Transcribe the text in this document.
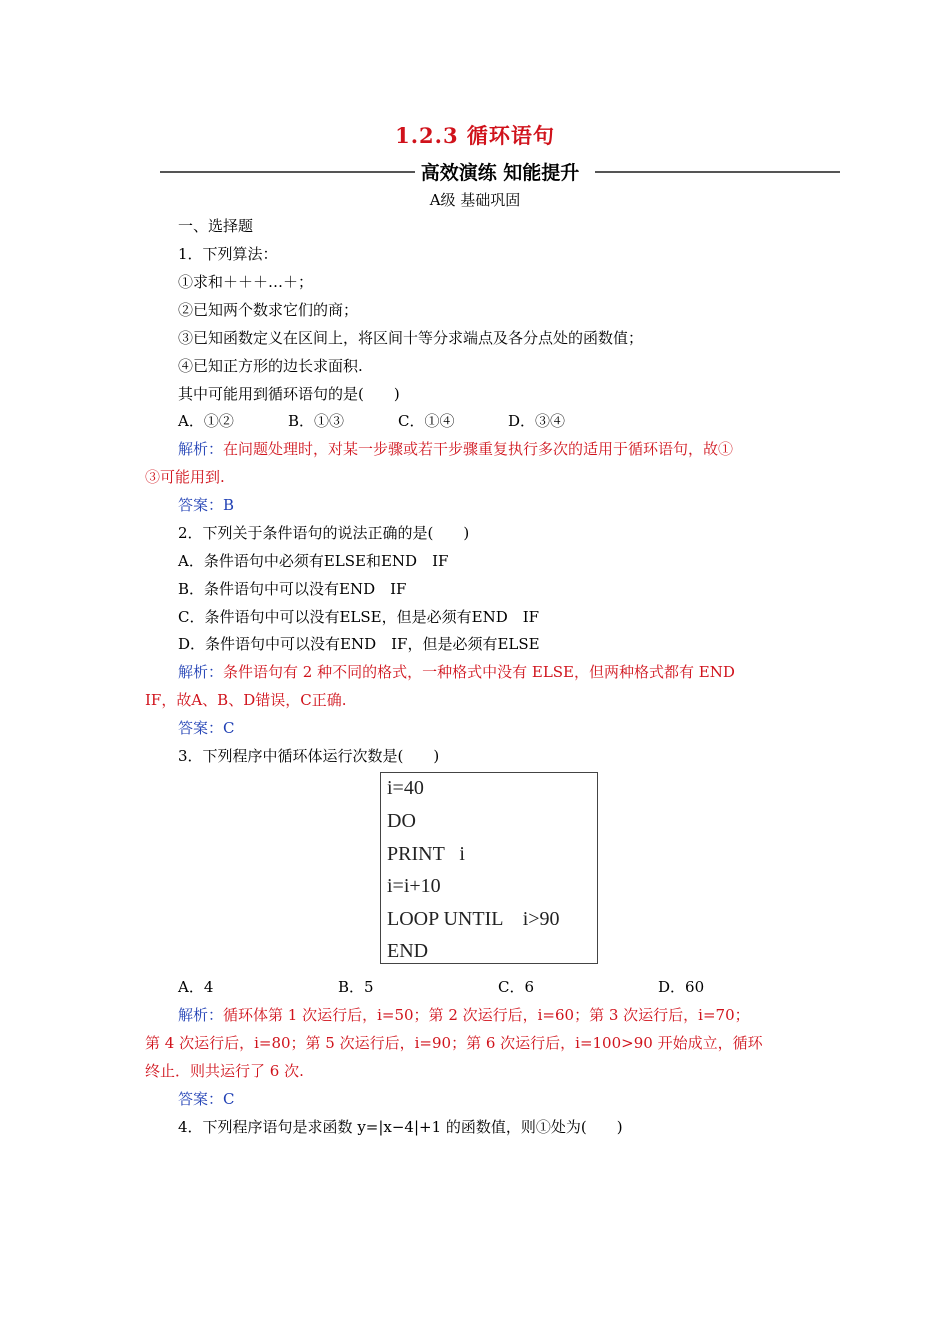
1.2.3 循环语句
高效演练 知能提升
A级 基础巩固
一、选择题
1．下列算法：
①求和＋＋＋…＋；
②已知两个数求它们的商；
③已知函数定义在区间上，将区间十等分求端点及各分点处的函数值；
④已知正方形的边长求面积.
其中可能用到循环语句的是(　　)
A．①②	B．①③	C．①④	D．③④
解析：在问题处理时，对某一步骤或若干步骤重复执行多次的适用于循环语句，故①
③可能用到.
答案：B
2．下列关于条件语句的说法正确的是(　　)
A．条件语句中必须有ELSE和END　IF
B．条件语句中可以没有END　IF
C．条件语句中可以没有ELSE，但是必须有END　IF
D．条件语句中可以没有END　IF，但是必须有ELSE
解析：条件语句有 2 种不同的格式，一种格式中没有 ELSE，但两种格式都有 END
IF，故A、B、D错误，C正确.
答案：C
3．下列程序中循环体运行次数是(　　)
i=40
DO
PRINT   i
i=i+10
LOOP UNTIL    i>90
END
A．4	B．5	C．6	D．60
解析：循环体第 1 次运行后，i=50；第 2 次运行后，i=60；第 3 次运行后，i=70；
第 4 次运行后，i=80；第 5 次运行后，i=90；第 6 次运行后，i=100>90 开始成立，循环
终止．则共运行了 6 次.
答案：C
4．下列程序语句是求函数 y=|x−4|+1 的函数值，则①处为(　　)
